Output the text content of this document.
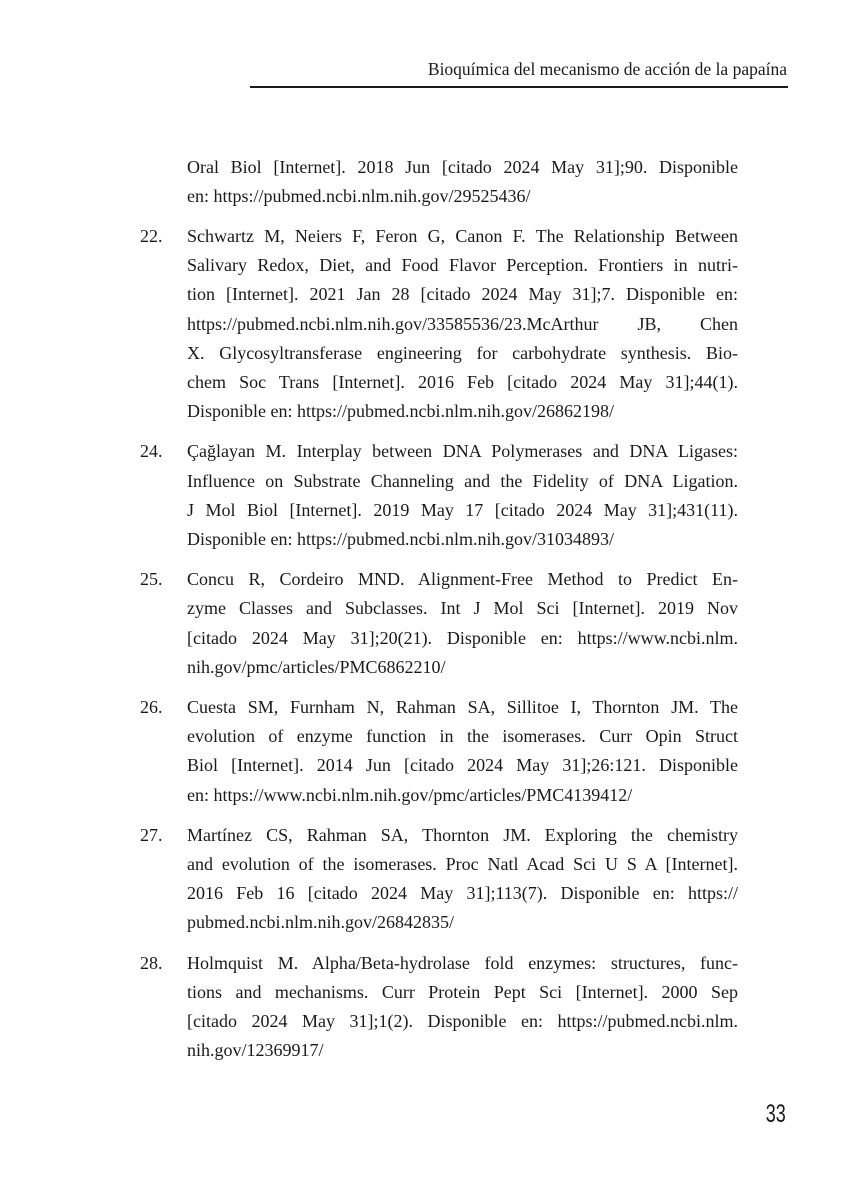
Bioquímica del mecanismo de acción de la papaína
Oral Biol [Internet]. 2018 Jun [citado 2024 May 31];90. Disponible
en: https://pubmed.ncbi.nlm.nih.gov/29525436/
22. Schwartz M, Neiers F, Feron G, Canon F. The Relationship Between
Salivary Redox, Diet, and Food Flavor Perception. Frontiers in nutri-
tion [Internet]. 2021 Jan 28 [citado 2024 May 31];7. Disponible en:
https://pubmed.ncbi.nlm.nih.gov/33585536/23.McArthur JB, Chen
X. Glycosyltransferase engineering for carbohydrate synthesis. Bio-
chem Soc Trans [Internet]. 2016 Feb [citado 2024 May 31];44(1).
Disponible en: https://pubmed.ncbi.nlm.nih.gov/26862198/
24. Çağlayan M. Interplay between DNA Polymerases and DNA Ligases:
Influence on Substrate Channeling and the Fidelity of DNA Ligation.
J Mol Biol [Internet]. 2019 May 17 [citado 2024 May 31];431(11).
Disponible en: https://pubmed.ncbi.nlm.nih.gov/31034893/
25. Concu R, Cordeiro MND. Alignment-Free Method to Predict En-
zyme Classes and Subclasses. Int J Mol Sci [Internet]. 2019 Nov
[citado 2024 May 31];20(21). Disponible en: https://www.ncbi.nlm.
nih.gov/pmc/articles/PMC6862210/
26. Cuesta SM, Furnham N, Rahman SA, Sillitoe I, Thornton JM. The
evolution of enzyme function in the isomerases. Curr Opin Struct
Biol [Internet]. 2014 Jun [citado 2024 May 31];26:121. Disponible
en: https://www.ncbi.nlm.nih.gov/pmc/articles/PMC4139412/
27. Martínez CS, Rahman SA, Thornton JM. Exploring the chemistry
and evolution of the isomerases. Proc Natl Acad Sci U S A [Internet].
2016 Feb 16 [citado 2024 May 31];113(7). Disponible en: https://
pubmed.ncbi.nlm.nih.gov/26842835/
28. Holmquist M. Alpha/Beta-hydrolase fold enzymes: structures, func-
tions and mechanisms. Curr Protein Pept Sci [Internet]. 2000 Sep
[citado 2024 May 31];1(2). Disponible en: https://pubmed.ncbi.nlm.
nih.gov/12369917/
33
